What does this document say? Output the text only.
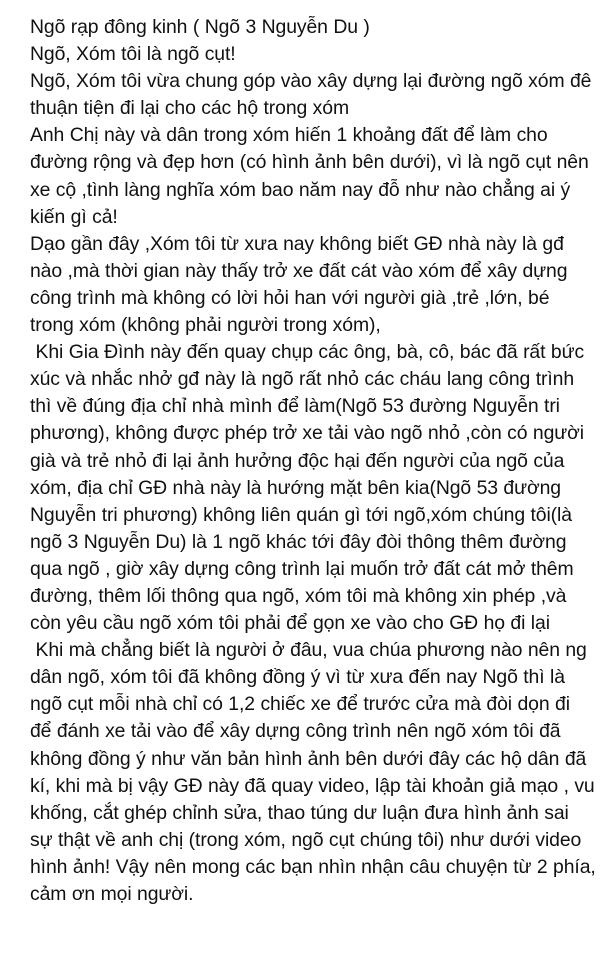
Ngõ rạp đông kinh ( Ngõ 3 Nguyễn Du )

Ngõ, Xóm tôi là ngõ cụt!

Ngõ, Xóm tôi vừa chung góp vào xây dựng lại đường ngõ xóm đê thuận tiện đi lại cho các hộ trong xóm

Anh Chị này và dân trong xóm hiến 1 khoảng đất để làm cho đường rộng và đẹp hơn (có hình ảnh bên dưới), vì là ngõ cụt nên xe cộ ,tình làng nghĩa xóm bao năm nay đỗ như nào chẳng ai ý kiến gì cả!

Dạo gần đây ,Xóm tôi từ xưa nay không biết GĐ nhà này là gđ nào ,mà thời gian này thấy trở xe đất cát vào xóm để xây dựng công trình mà không có lời hỏi han với người già ,trẻ ,lớn, bé trong xóm (không phải người trong xóm),

Khi Gia Đình này đến quay chụp các ông, bà, cô, bác đã rất bức xúc và nhắc nhở gđ này là ngõ rất nhỏ các cháu lang công trình thì về đúng địa chỉ nhà mình để làm(Ngõ 53 đường Nguyễn tri phương), không được phép trở xe tải vào ngõ nhỏ ,còn có người già và trẻ nhỏ đi lại ảnh hưởng độc hại đến người của ngõ của xóm, địa chỉ GĐ nhà này là hướng mặt bên kia(Ngõ 53 đường Nguyễn tri phương) không liên quán gì tới ngõ,xóm chúng tôi(là ngõ 3 Nguyễn Du) là 1 ngõ khác tới đây đòi thông thêm đường qua ngõ , giờ xây dựng công trình lại muốn trở đất cát mở thêm đường, thêm lối thông qua ngõ, xóm tôi mà không xin phép ,và còn yêu cầu ngõ xóm tôi phải để gọn xe vào cho GĐ họ đi lại

Khi mà chẳng biết là người ở đâu, vua chúa phương nào nên ng dân ngõ, xóm tôi đã không đồng ý vì từ xưa đến nay Ngõ thì là ngõ cụt mỗi nhà chỉ có 1,2 chiếc xe để trước cửa mà đòi dọn đi để đánh xe tải vào để xây dựng công trình nên ngõ xóm tôi đã không đồng ý như văn bản hình ảnh bên dưới đây các hộ dân đã kí, khi mà bị vậy GĐ này đã quay video, lập tài khoản giả mạo , vu khống, cắt ghép chỉnh sửa, thao túng dư luận đưa hình ảnh sai sự thật về anh chị (trong xóm, ngõ cụt chúng tôi) như dưới video hình ảnh! Vậy nên mong các bạn nhìn nhận câu chuyện từ 2 phía, cảm ơn mọi người.
